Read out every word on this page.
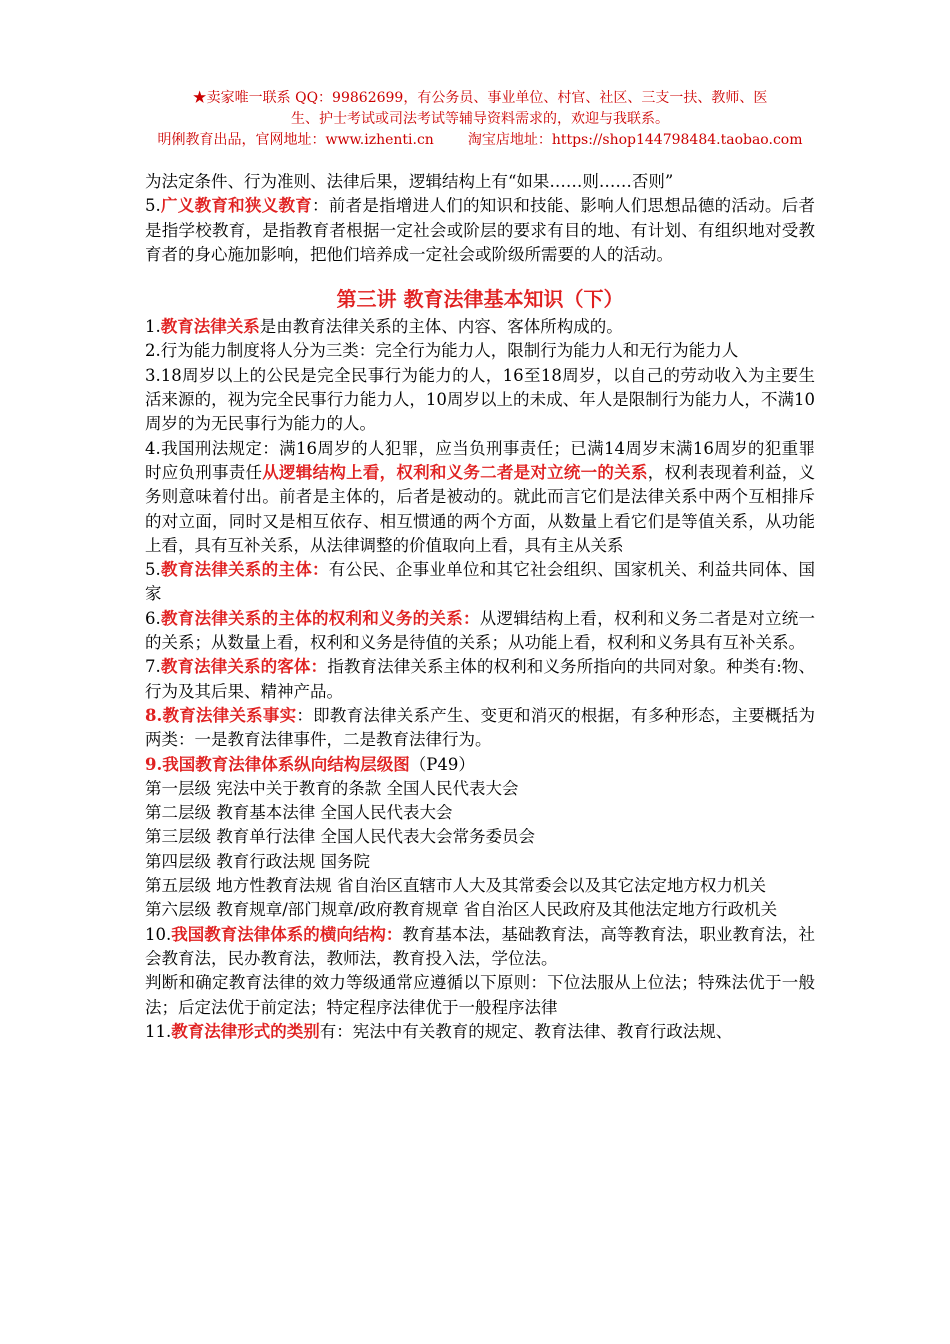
★卖家唯一联系 QQ：99862699，有公务员、事业单位、村官、社区、三支一扶、教师、医
生、护士考试或司法考试等辅导资料需求的，欢迎与我联系。
明俐教育出品，官网地址：www.izhenti.cn 淘宝店地址：https://shop144798484.taobao.com

为法定条件、行为准则、法律后果，逻辑结构上有“如果……则……否则”

5.广义教育和狭义教育：前者是指增进人们的知识和技能、影响人们思想品德的活动。后者是指学校教育，是指教育者根据一定社会或阶层的要求有目的地、有计划、有组织地对受教育者的身心施加影响，把他们培养成一定社会或阶级所需要的人的活动。

第三讲 教育法律基本知识（下）

1.教育法律关系是由教育法律关系的主体、内容、客体所构成的。

2.行为能力制度将人分为三类：完全行为能力人，限制行为能力人和无行为能力人

3.18周岁以上的公民是完全民事行为能力的人，16至18周岁，以自己的劳动收入为主要生活来源的，视为完全民事行力能力人，10周岁以上的未成、年人是限制行为能力人，不满10周岁的为无民事行为能力的人。

4.我国刑法规定：满16周岁的人犯罪，应当负刑事责任；已满14周岁末满16周岁的犯重罪时应负刑事责任从逻辑结构上看，权利和义务二者是对立统一的关系，权利表现着利益，义务则意味着付出。前者是主体的，后者是被动的。就此而言它们是法律关系中两个互相排斥的对立面，同时又是相互依存、相互惯通的两个方面，从数量上看它们是等值关系，从功能上看，具有互补关系，从法律调整的价值取向上看，具有主从关系

5.教育法律关系的主体：有公民、企事业单位和其它社会组织、国家机关、利益共同体、国家

6.教育法律关系的主体的权利和义务的关系：从逻辑结构上看，权利和义务二者是对立统一的关系；从数量上看，权利和义务是待值的关系；从功能上看，权利和义务具有互补关系。

7.教育法律关系的客体：指教育法律关系主体的权利和义务所指向的共同对象。种类有:物、行为及其后果、精神产品。

8.教育法律关系事实：即教育法律关系产生、变更和消灭的根据，有多种形态，主要概括为两类：一是教育法律事件，二是教育法律行为。

9.我国教育法律体系纵向结构层级图（P49）

第一层级 宪法中关于教育的条款 全国人民代表大会

第二层级 教育基本法律 全国人民代表大会

第三层级 教育单行法律 全国人民代表大会常务委员会

第四层级 教育行政法规 国务院

第五层级 地方性教育法规 省自治区直辖市人大及其常委会以及其它法定地方权力机关

第六层级 教育规章/部门规章/政府教育规章 省自治区人民政府及其他法定地方行政机关

10.我国教育法律体系的横向结构：教育基本法，基础教育法，高等教育法，职业教育法，社会教育法，民办教育法，教师法，教育投入法，学位法。

判断和确定教育法律的效力等级通常应遵循以下原则：下位法服从上位法；特殊法优于一般法；后定法优于前定法；特定程序法律优于一般程序法律

11.教育法律形式的类别有：宪法中有关教育的规定、教育法律、教育行政法规、
